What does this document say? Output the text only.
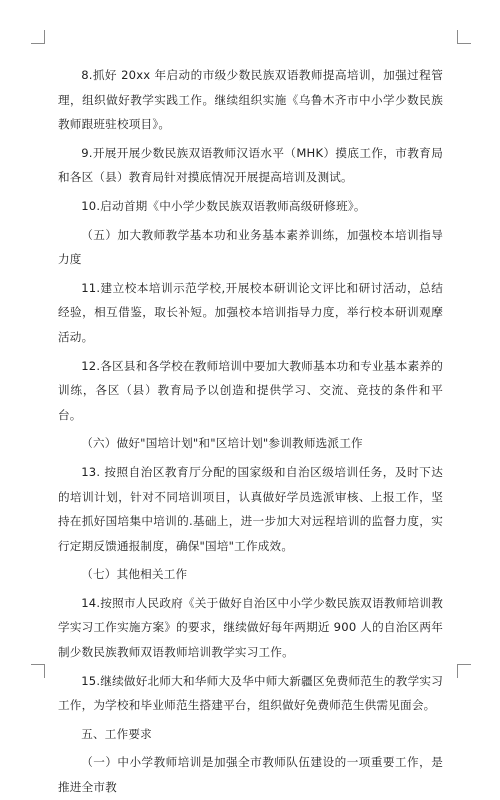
8.抓好 20xx 年启动的市级少数民族双语教师提高培训，加强过程管理，组织做好教学实践工作。继续组织实施《乌鲁木齐市中小学少数民族教师跟班驻校项目》。

9.开展开展少数民族双语教师汉语水平（MHK）摸底工作，市教育局和各区（县）教育局针对摸底情况开展提高培训及测试。

10.启动首期《中小学少数民族双语教师高级研修班》。

（五）加大教师教学基本功和业务基本素养训练，加强校本培训指导力度

11.建立校本培训示范学校,开展校本研训论文评比和研讨活动，总结经验，相互借鉴，取长补短。加强校本培训指导力度，举行校本研训观摩活动。

12.各区县和各学校在教师培训中要加大教师基本功和专业基本素养的训练，各区（县）教育局予以创造和提供学习、交流、竞技的条件和平台。

（六）做好"国培计划"和"区培计划"参训教师选派工作

13. 按照自治区教育厅分配的国家级和自治区级培训任务，及时下达的培训计划，针对不同培训项目，认真做好学员选派审核、上报工作，坚持在抓好国培集中培训的.基础上，进一步加大对远程培训的监督力度，实行定期反馈通报制度，确保"国培"工作成效。

（七）其他相关工作

14.按照市人民政府《关于做好自治区中小学少数民族双语教师培训教学实习工作实施方案》的要求，继续做好每年两期近 900 人的自治区两年制少数民族教师双语教师培训教学实习工作。

15.继续做好北师大和华师大及华中师大新疆区免费师范生的教学实习工作，为学校和毕业师范生搭建平台，组织做好免费师范生供需见面会。

五、工作要求

（一）中小学教师培训是加强全市教师队伍建设的一项重要工作，是推进全市教
